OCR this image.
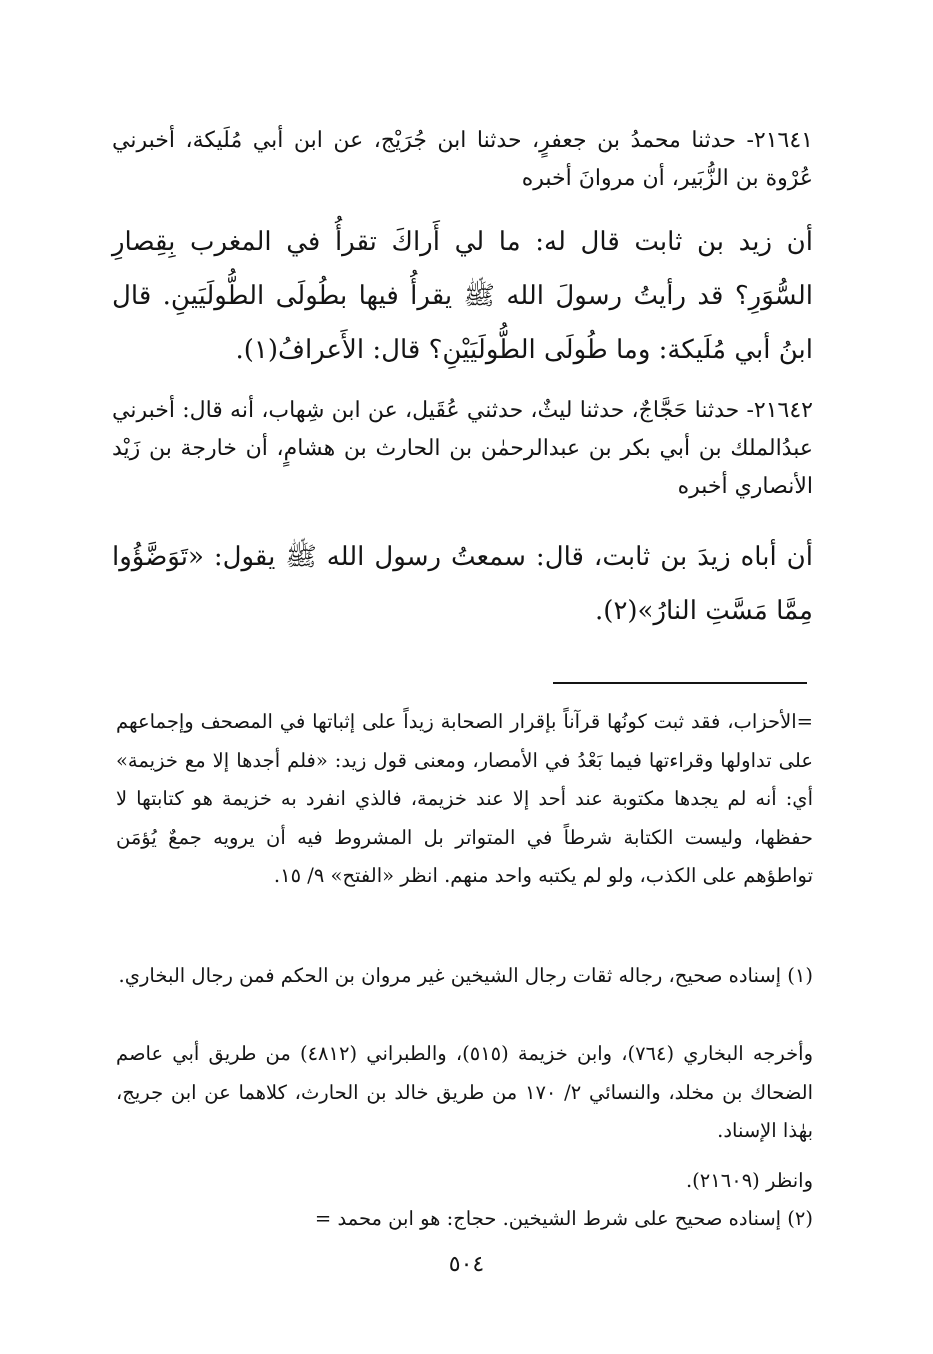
٢١٦٤١- حدثنا محمدُ بن جعفرٍ، حدثنا ابن جُرَيْج، عن ابن أبي مُلَيكة، أخبرني عُرْوة بن الزُّبَير، أن مروانَ أخبره

أن زيد بن ثابت قال له: ما لي أَراكَ تقرأُ في المغرب بِقِصارِ السُّوَرِ؟ قد رأيتُ رسولَ الله ﷺ يقرأُ فيها بطُولَى الطُّولَيَينِ. قال ابنُ أبي مُلَيكة: وما طُولَى الطُّولَيَيْنِ؟ قال: الأَعرافُ(١).

٢١٦٤٢- حدثنا حَجَّاجٌ، حدثنا ليثٌ، حدثني عُقَيل، عن ابن شِهاب، أنه قال: أخبرني عبدُالملك بن أبي بكر بن عبدالرحمٰن بن الحارث بن هشامٍ، أن خارجة بن زَيْد الأنصاري أخبره

أن أباه زيدَ بن ثابت، قال: سمعتُ رسول الله ﷺ يقول: «تَوَضَّؤُوا مِمَّا مَسَّتِ النارُ»(٢).

=الأحزاب، فقد ثبت كونُها قرآناً بإقرار الصحابة زيداً على إثباتها في المصحف وإجماعهم على تداولها وقراءتها فيما بَعْدُ في الأمصار، ومعنى قول زيد: «فلم أجدها إلا مع خزيمة» أي: أنه لم يجدها مكتوبة عند أحد إلا عند خزيمة، فالذي انفرد به خزيمة هو كتابتها لا حفظها، وليست الكتابة شرطاً في المتواتر بل المشروط فيه أن يرويه جمعٌ يُؤمَن تواطؤهم على الكذب، ولو لم يكتبه واحد منهم. انظر «الفتح» ٩/ ١٥.

(١) إسناده صحيح، رجاله ثقات رجال الشيخين غير مروان بن الحكم فمن رجال البخاري.

وأخرجه البخاري (٧٦٤)، وابن خزيمة (٥١٥)، والطبراني (٤٨١٢) من طريق أبي عاصم الضحاك بن مخلد، والنسائي ٢/ ١٧٠ من طريق خالد بن الحارث، كلاهما عن ابن جريج، بهٰذا الإسناد.

وانظر (٢١٦٠٩).

(٢) إسناده صحيح على شرط الشيخين. حجاج: هو ابن محمد =

٥٠٤
